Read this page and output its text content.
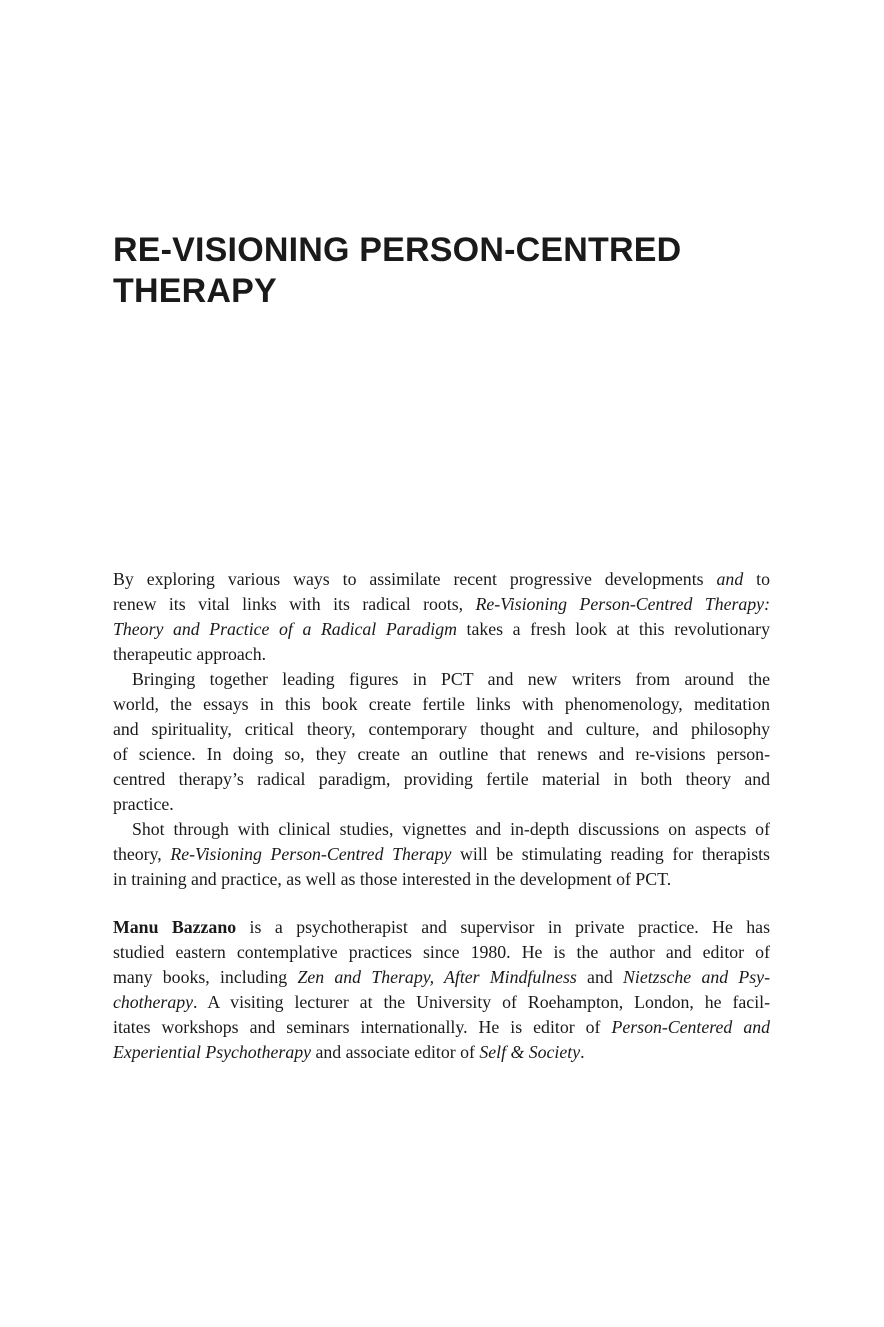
RE-VISIONING PERSON-CENTRED
THERAPY

By exploring various ways to assimilate recent progressive developments and to
renew its vital links with its radical roots, Re-Visioning Person-Centred Therapy:
Theory and Practice of a Radical Paradigm takes a fresh look at this revolutionary
therapeutic approach.

Bringing together leading figures in PCT and new writers from around the
world, the essays in this book create fertile links with phenomenology, meditation
and spirituality, critical theory, contemporary thought and culture, and philosophy
of science. In doing so, they create an outline that renews and re-visions person-
centred therapy’s radical paradigm, providing fertile material in both theory and
practice.

Shot through with clinical studies, vignettes and in-depth discussions on aspects of
theory, Re-Visioning Person-Centred Therapy will be stimulating reading for therapists
in training and practice, as well as those interested in the development of PCT.

Manu Bazzano is a psychotherapist and supervisor in private practice. He has
studied eastern contemplative practices since 1980. He is the author and editor of
many books, including Zen and Therapy, After Mindfulness and Nietzsche and Psy-
chotherapy. A visiting lecturer at the University of Roehampton, London, he facil-
itates workshops and seminars internationally. He is editor of Person-Centered and
Experiential Psychotherapy and associate editor of Self & Society.
